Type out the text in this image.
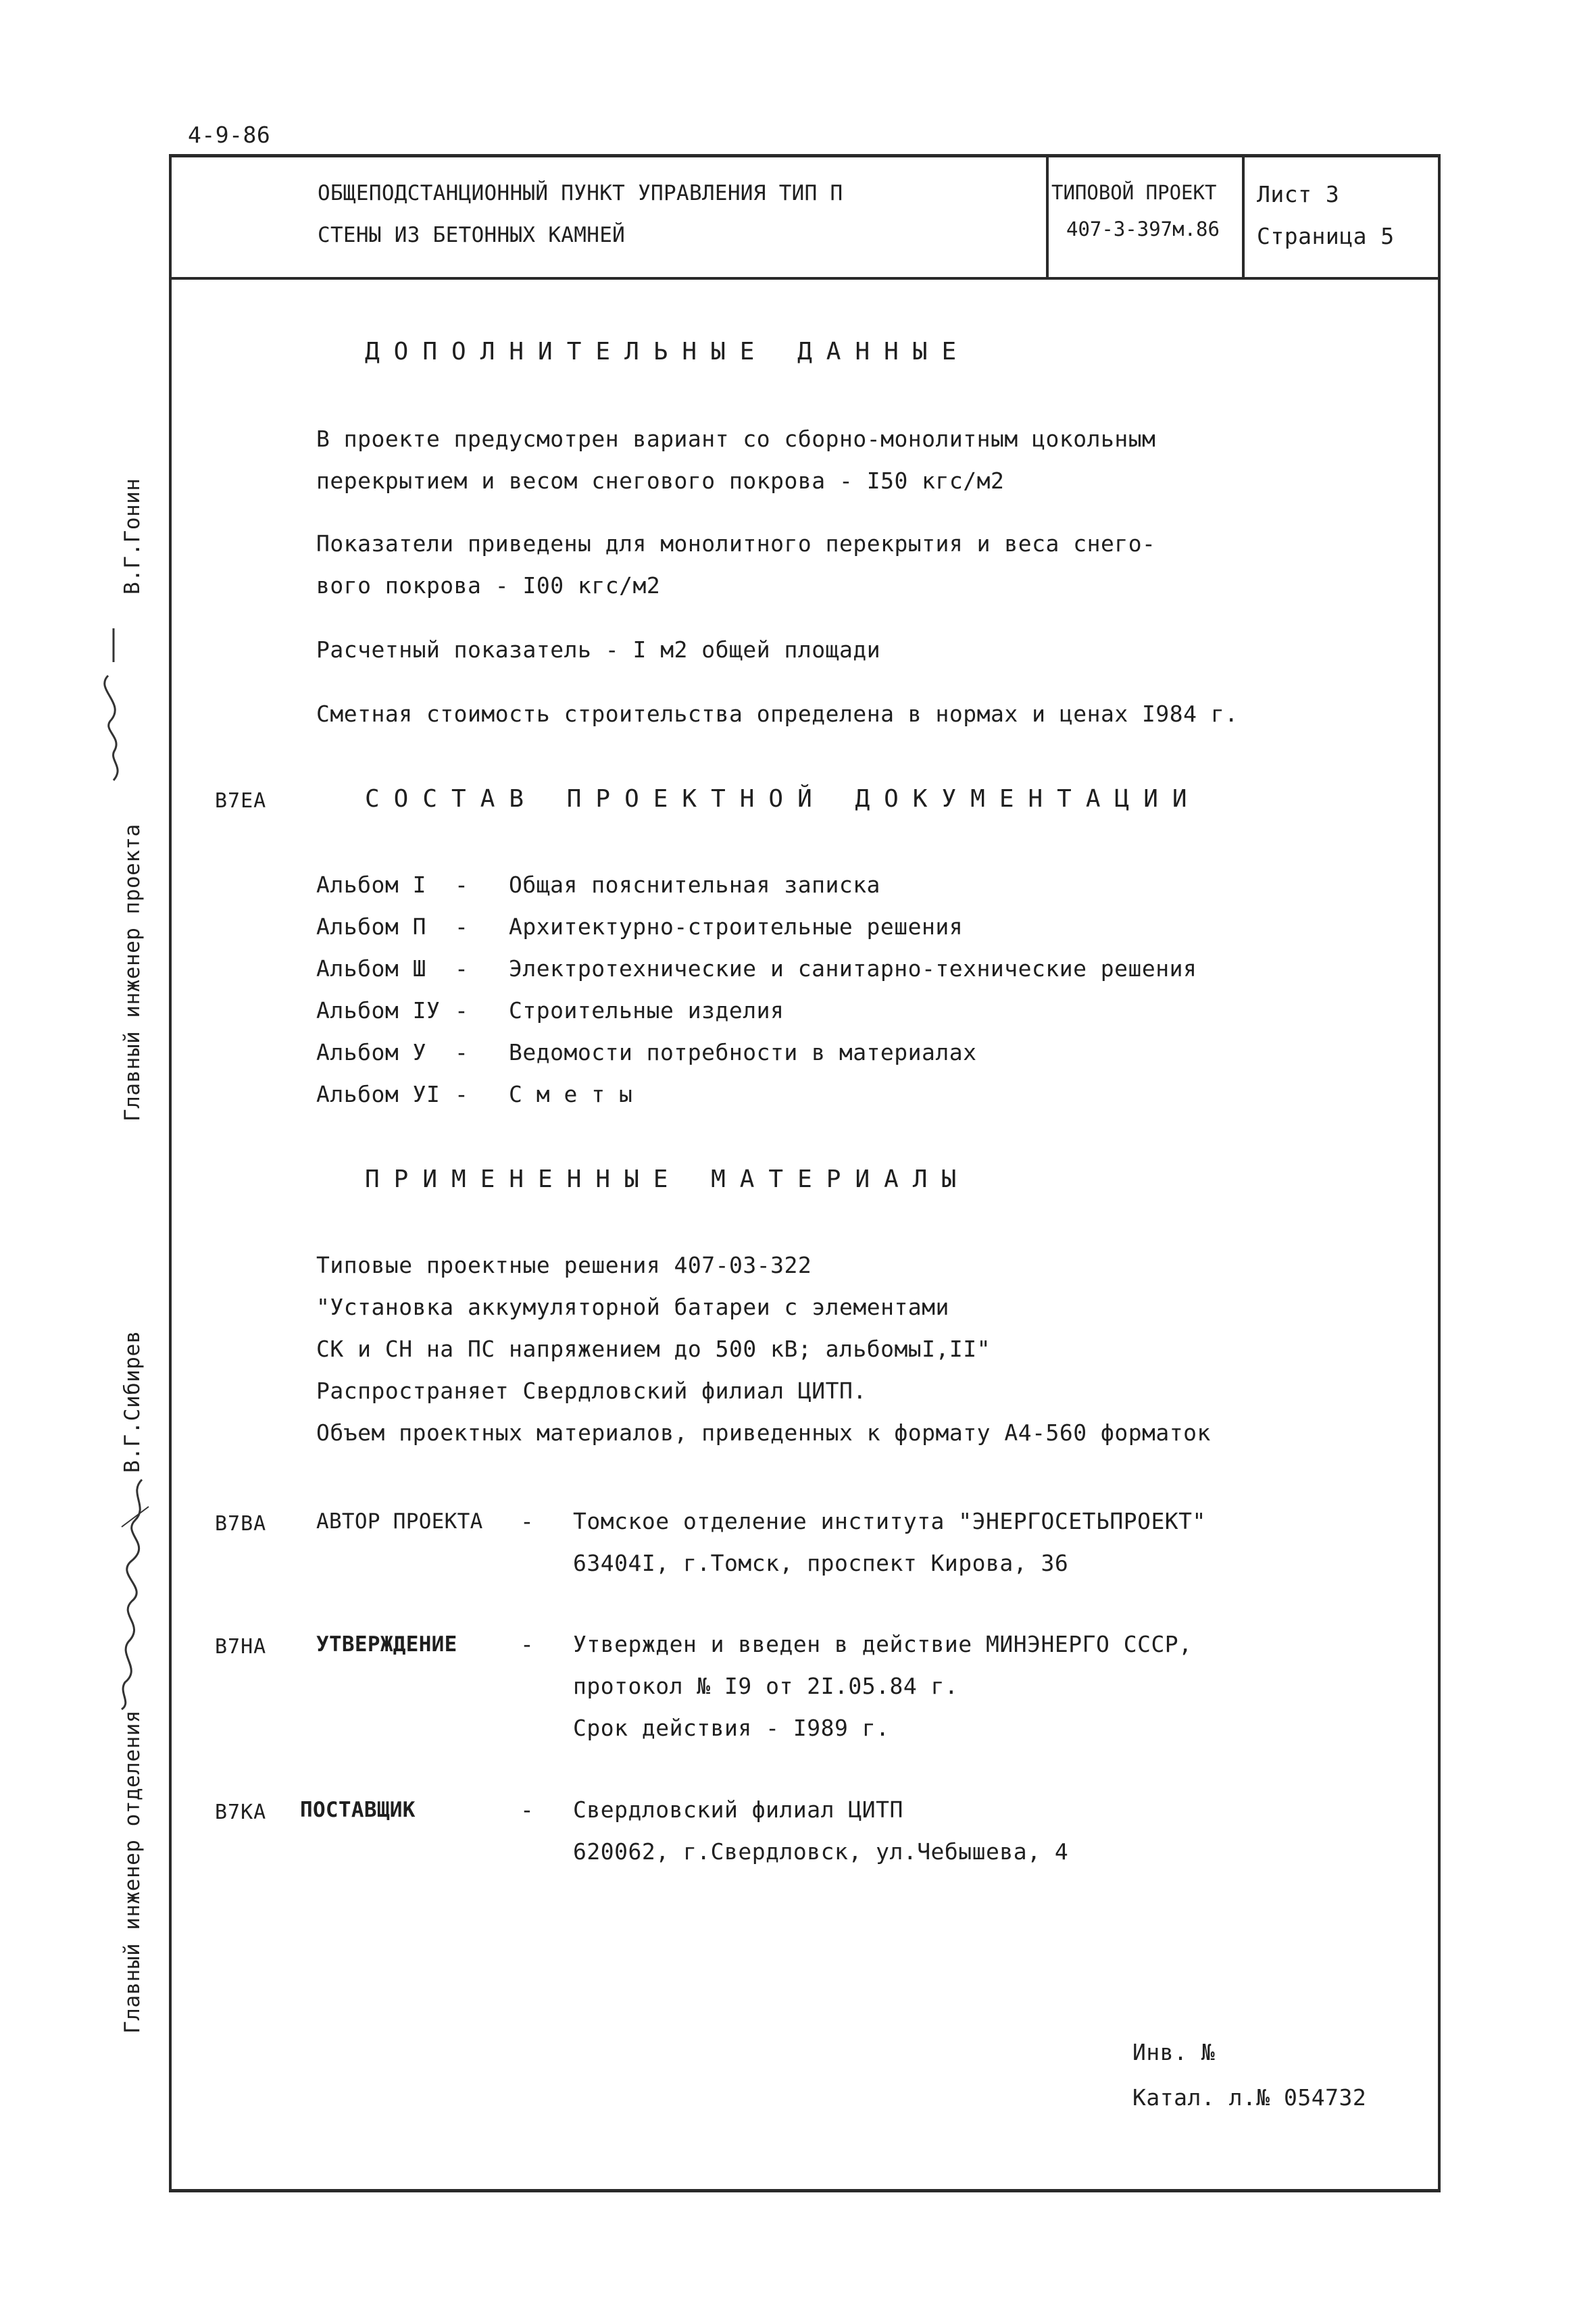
4-9-86
ОБЩЕПОДСТАНЦИОННЫЙ ПУНКТ УПРАВЛЕНИЯ ТИП П
СТЕНЫ ИЗ БЕТОННЫХ КАМНЕЙ
ТИПОВОЙ ПРОЕКТ
407-3-397м.86
Лист 3
Страница 5
Главный инженер проекта
В.Г.Гонин
Главный инженер отделения
В.Г.Сибирев
ДОПОЛНИТЕЛЬНЫЕ ДАННЫЕ
В проекте предусмотрен вариант со сборно-монолитным цокольным
перекрытием и весом снегового покрова - I50 кгс/м2
Показатели приведены для монолитного перекрытия и веса снего-
вого покрова - I00 кгс/м2
Расчетный показатель - I м2 общей площади
Сметная стоимость строительства определена в нормах и ценах I984 г.
B7EA	СОСТАВ ПРОЕКТНОЙ ДОКУМЕНТАЦИИ
Альбом I - Общая пояснительная записка
Альбом П - Архитектурно-строительные решения
Альбом Ш - Электротехнические и санитарно-технические решения
Альбом IУ - Строительные изделия
Альбом У - Ведомости потребности в материалах
Альбом УI - С м е т ы
ПРИМЕНЕННЫЕ МАТЕРИАЛЫ
Типовые проектные решения 407-03-322
"Установка аккумуляторной батареи с элементами
СК и СН на ПС напряжением до 500 кВ; альбомыI,II"
Распространяет Свердловский филиал ЦИТП.
Объем проектных материалов, приведенных к формату А4-560 форматок
B7BA АВТОР ПРОЕКТА - Томское отделение института "ЭНЕРГОСЕТЬПРОЕКТ"
63404I, г.Томск, проспект Кирова, 36
B7HA УТВЕРЖДЕНИЕ	- Утвержден и введен в действие МИНЭНЕРГО СССР,
протокол № I9 от 2I.05.84 г.
Срок действия - I989 г.
B7KA ПОСТАВЩИК	- Свердловский филиал ЦИТП
620062, г.Свердловск, ул.Чебышева, 4
Инв. №
Катал. л.№ 054732
